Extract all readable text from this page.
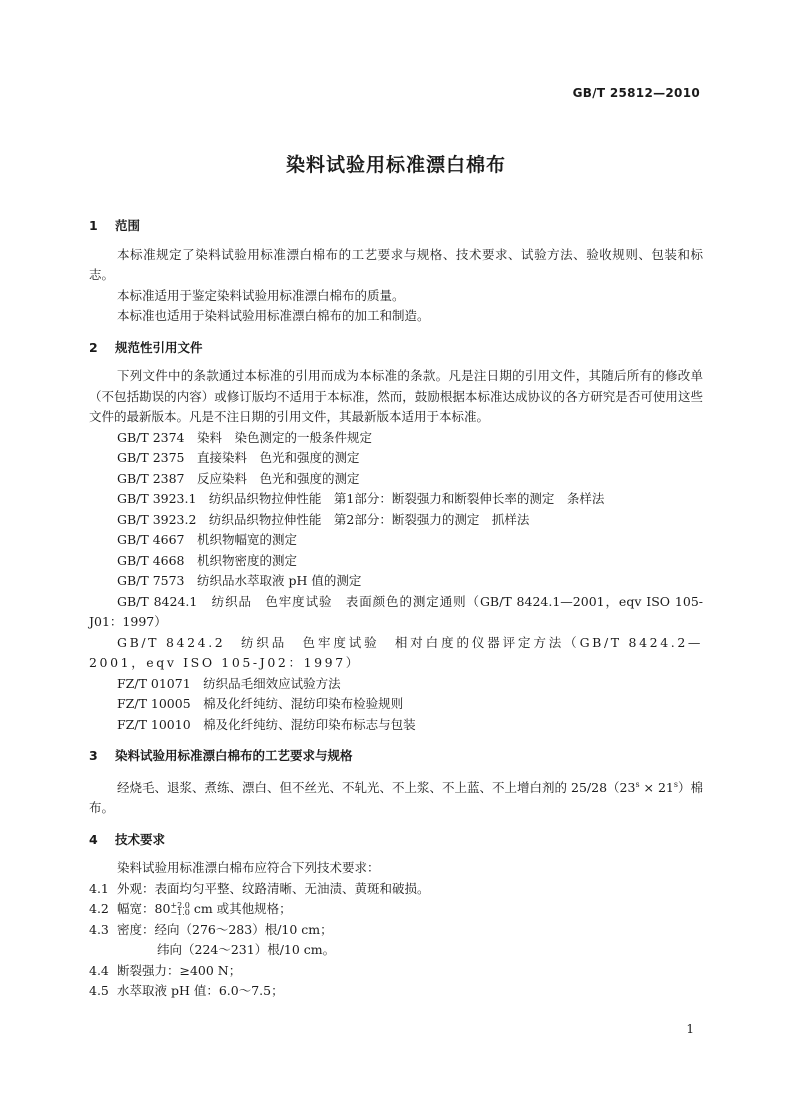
GB/T 25812—2010
染料试验用标准漂白棉布
1 范围

本标准规定了染料试验用标准漂白棉布的工艺要求与规格、技术要求、试验方法、验收规则、包装和标志。

本标准适用于鉴定染料试验用标准漂白棉布的质量。

本标准也适用于染料试验用标准漂白棉布的加工和制造。

2 规范性引用文件

下列文件中的条款通过本标准的引用而成为本标准的条款。凡是注日期的引用文件，其随后所有的修改单（不包括勘误的内容）或修订版均不适用于本标准，然而，鼓励根据本标准达成协议的各方研究是否可使用这些文件的最新版本。凡是不注日期的引用文件，其最新版本适用于本标准。

GB/T 2374　染料　染色测定的一般条件规定

GB/T 2375　直接染料　色光和强度的测定

GB/T 2387　反应染料　色光和强度的测定

GB/T 3923.1　纺织品织物拉伸性能　第1部分：断裂强力和断裂伸长率的测定　条样法

GB/T 3923.2　纺织品织物拉伸性能　第2部分：断裂强力的测定　抓样法

GB/T 4667　机织物幅宽的测定

GB/T 4668　机织物密度的测定

GB/T 7573　纺织品水萃取液 pH 值的测定

GB/T 8424.1　纺织品　色牢度试验　表面颜色的测定通则（GB/T 8424.1—2001，eqv ISO 105-J01：1997）

GB/T 8424.2　纺织品　色牢度试验　相对白度的仪器评定方法（GB/T 8424.2—2001，eqv ISO 105-J02：1997）

FZ/T 01071　纺织品毛细效应试验方法

FZ/T 10005　棉及化纤纯纺、混纺印染布检验规则

FZ/T 10010　棉及化纤纯纺、混纺印染布标志与包装

3 染料试验用标准漂白棉布的工艺要求与规格

经烧毛、退浆、煮练、漂白、但不丝光、不轧光、不上浆、不上蓝、不上增白剂的 $25/28(23^s \times 21^s)$棉布。

4 技术要求

染料试验用标准漂白棉布应符合下列技术要求：

4.1 外观：表面均匀平整、纹路清晰、无油渍、黄斑和破损。

4.2 幅宽：80 +2.0
−1.0 cm 或其他规格；

4.3 密度：经向（276～283）根/10 cm；

纬向（224～231）根/10 cm。

4.4 断裂强力：≥400 N；

4.5 水萃取液 pH 值：6.0～7.5；

1
